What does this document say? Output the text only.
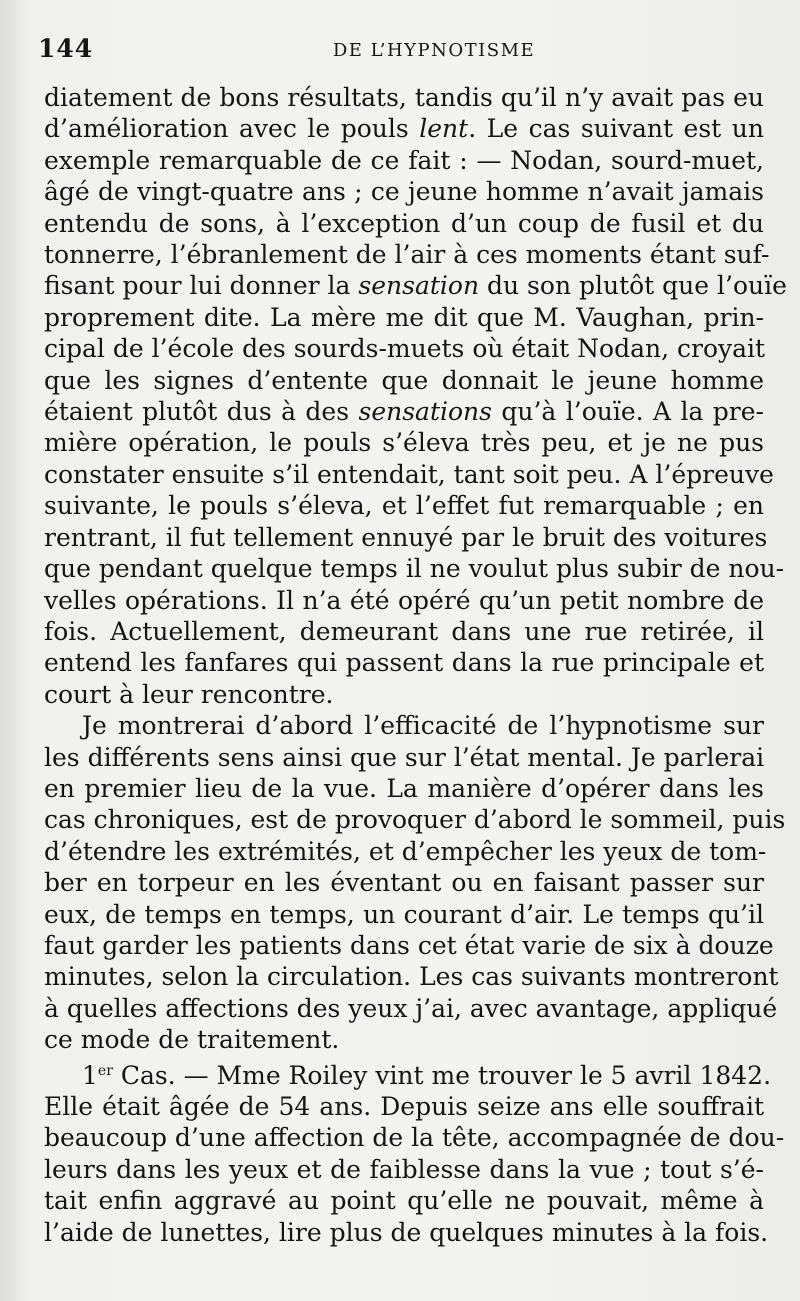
144	DE L’HYPNOTISME
diatement de bons résultats, tandis qu’il n’y avait pas eu
d’amélioration avec le pouls lent. Le cas suivant est un
exemple remarquable de ce fait : — Nodan, sourd-muet,
âgé de vingt-quatre ans ; ce jeune homme n’avait jamais
entendu de sons, à l’exception d’un coup de fusil et du
tonnerre, l’ébranlement de l’air à ces moments étant suf-
fisant pour lui donner la sensation du son plutôt que l’ouïe
proprement dite. La mère me dit que M. Vaughan, prin-
cipal de l’école des sourds-muets où était Nodan, croyait
que les signes d’entente que donnait le jeune homme
étaient plutôt dus à des sensations qu’à l’ouïe. A la pre-
mière opération, le pouls s’éleva très peu, et je ne pus
constater ensuite s’il entendait, tant soit peu. A l’épreuve
suivante, le pouls s’éleva, et l’effet fut remarquable ; en
rentrant, il fut tellement ennuyé par le bruit des voitures
que pendant quelque temps il ne voulut plus subir de nou-
velles opérations. Il n’a été opéré qu’un petit nombre de
fois. Actuellement, demeurant dans une rue retirée, il
entend les fanfares qui passent dans la rue principale et
court à leur rencontre.
Je montrerai d’abord l’efficacité de l’hypnotisme sur
les différents sens ainsi que sur l’état mental. Je parlerai
en premier lieu de la vue. La manière d’opérer dans les
cas chroniques, est de provoquer d’abord le sommeil, puis
d’étendre les extrémités, et d’empêcher les yeux de tom-
ber en torpeur en les éventant ou en faisant passer sur
eux, de temps en temps, un courant d’air. Le temps qu’il
faut garder les patients dans cet état varie de six à douze
minutes, selon la circulation. Les cas suivants montreront
à quelles affections des yeux j’ai, avec avantage, appliqué
ce mode de traitement.
1er Cas. — Mme Roiley vint me trouver le 5 avril 1842.
Elle était âgée de 54 ans. Depuis seize ans elle souffrait
beaucoup d’une affection de la tête, accompagnée de dou-
leurs dans les yeux et de faiblesse dans la vue ; tout s’é-
tait enfin aggravé au point qu’elle ne pouvait, même à
l’aide de lunettes, lire plus de quelques minutes à la fois.
